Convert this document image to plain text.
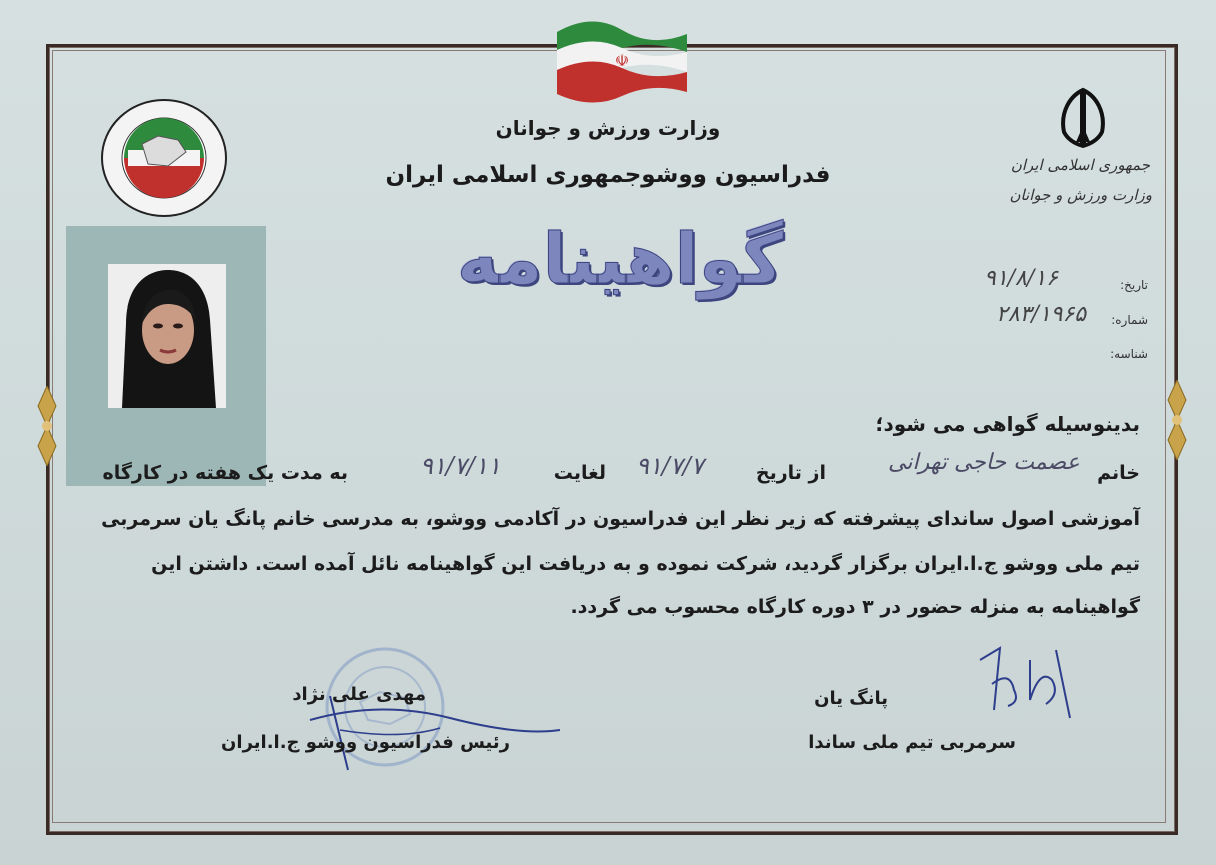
☫
جمهوری اسلامی ایران
وزارت ورزش و جوانان
وزارت ورزش و جوانان
فدراسیون ووشوجمهوری اسلامی ایران
گواهینامه	تاریخ:
۹۱/۸/۱۶
شماره:
۲۸۳/۱۹۶۵
شناسه:
بدینوسیله گواهی می شود؛
خانم
عصمت حاجی تهرانی
از تاریخ
۹۱/۷/۷
لغایت
۹۱/۷/۱۱
به مدت یک هفته در کارگاه
آموزشی اصول ساندای پیشرفته که زیر نظر این فدراسیون در آکادمی ووشو، به مدرسی خانم پانگ یان سرمربی
تیم ملی ووشو ج.ا.ایران برگزار گردید، شرکت نموده و به دریافت این گواهینامه نائل آمده است. داشتن این
گواهینامه به منزله حضور در ۳ دوره کارگاه محسوب می گردد.
مهدی علی نژاد
رئیس فدراسیون ووشو ج.ا.ایران
پانگ یان
سرمربی تیم ملی ساندا
